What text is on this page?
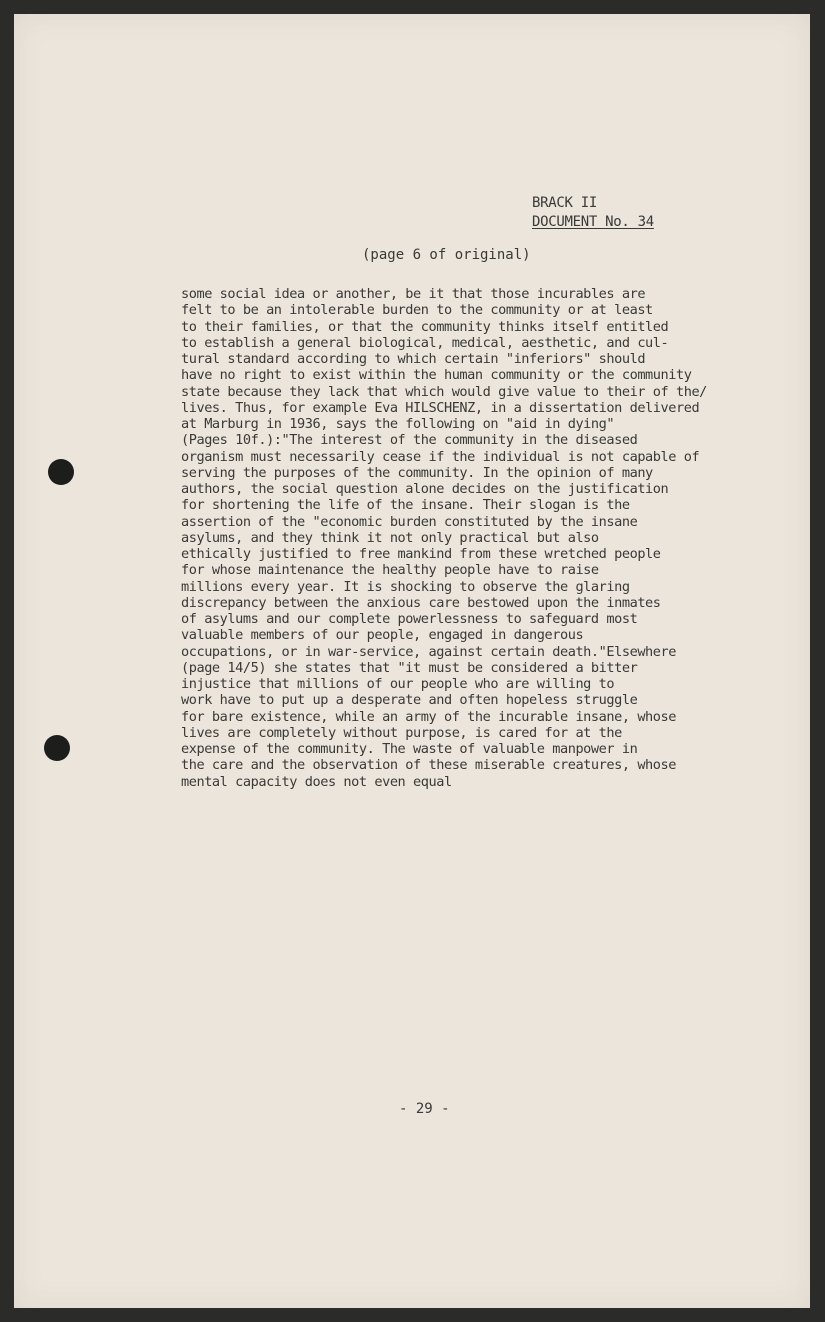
BRACK II
DOCUMENT No. 34
(page 6 of original)
some social idea or another, be it that those incurables are
felt to be an intolerable burden to the community or at least
to their families, or that the community thinks itself entitled
to establish a general biological, medical, aesthetic, and cul-
tural standard according to which certain "inferiors" should
have no right to exist within the human community or the community
state because they lack that which would give value to their of the/
lives. Thus, for example Eva HILSCHENZ, in a dissertation delivered
at Marburg in 1936, says the following on "aid in dying"
(Pages 10f.):"The interest of the community in the diseased
organism must necessarily cease if the individual is not capable of
serving the purposes of the community. In the opinion of many
authors, the social question alone decides on the justification
for shortening the life of the insane. Their slogan is the
assertion of the "economic burden constituted by the insane
asylums, and they think it not only practical but also
ethically justified to free mankind from these wretched people
for whose maintenance the healthy people have to raise
millions every year. It is shocking to observe the glaring
discrepancy between the anxious care bestowed upon the inmates
of asylums and our complete powerlessness to safeguard most
valuable members of our people, engaged in dangerous
occupations, or in war-service, against certain death."Elsewhere
(page 14/5) she states that "it must be considered a bitter
injustice that millions of our people who are willing to
work have to put up a desperate and often hopeless struggle
for bare existence, while an army of the incurable insane, whose
lives are completely without purpose, is cared for at the
expense of the community. The waste of valuable manpower in
the care and the observation of these miserable creatures, whose
mental capacity does not even equal
- 29 -
